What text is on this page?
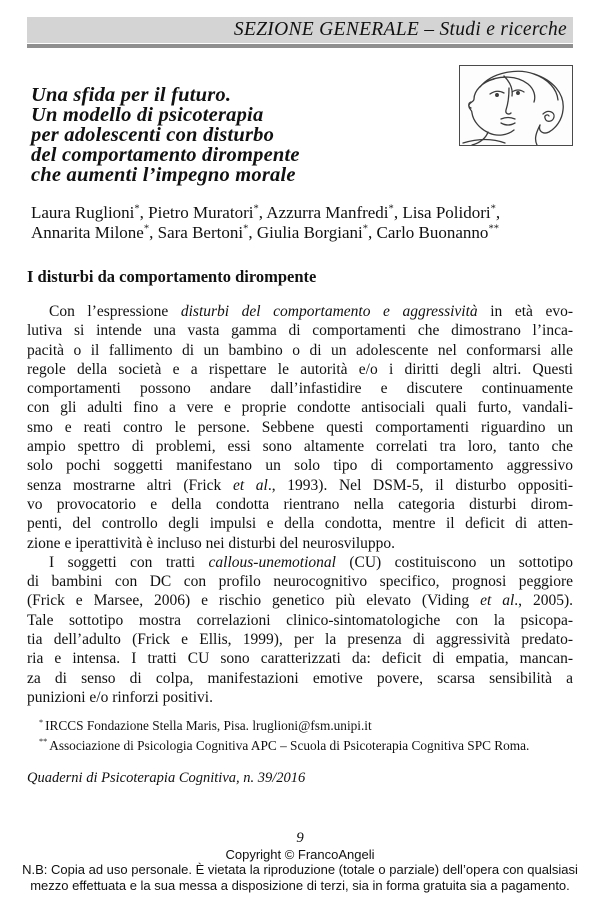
SEZIONE GENERALE – Studi e ricerche
Una sfida per il futuro.
Un modello di psicoterapia
per adolescenti con disturbo
del comportamento dirompente
che aumenti l’impegno morale
Laura Ruglioni*, Pietro Muratori*, Azzurra Manfredi*, Lisa Polidori*,
Annarita Milone*, Sara Bertoni*, Giulia Borgiani*, Carlo Buonanno**
I disturbi da comportamento dirompente
Con l’espressione disturbi del comportamento e aggressività in età evo-
lutiva si intende una vasta gamma di comportamenti che dimostrano l’inca-
pacità o il fallimento di un bambino o di un adolescente nel conformarsi alle
regole della società e a rispettare le autorità e/o i diritti degli altri. Questi
comportamenti possono andare dall’infastidire e discutere continuamente
con gli adulti fino a vere e proprie condotte antisociali quali furto, vandali-
smo e reati contro le persone. Sebbene questi comportamenti riguardino un
ampio spettro di problemi, essi sono altamente correlati tra loro, tanto che
solo pochi soggetti manifestano un solo tipo di comportamento aggressivo
senza mostrarne altri (Frick et al., 1993). Nel DSM-5, il disturbo oppositi-
vo provocatorio e della condotta rientrano nella categoria disturbi dirom-
penti, del controllo degli impulsi e della condotta, mentre il deficit di atten-
zione e iperattività è incluso nei disturbi del neurosviluppo.
I soggetti con tratti callous-unemotional (CU) costituiscono un sottotipo
di bambini con DC con profilo neurocognitivo specifico, prognosi peggiore
(Frick e Marsee, 2006) e rischio genetico più elevato (Viding et al., 2005).
Tale sottotipo mostra correlazioni clinico-sintomatologiche con la psicopa-
tia dell’adulto (Frick e Ellis, 1999), per la presenza di aggressività predato-
ria e intensa. I tratti CU sono caratterizzati da: deficit di empatia, mancan-
za di senso di colpa, manifestazioni emotive povere, scarsa sensibilità a
punizioni e/o rinforzi positivi.
* IRCCS Fondazione Stella Maris, Pisa. lruglioni@fsm.unipi.it
** Associazione di Psicologia Cognitiva APC – Scuola di Psicoterapia Cognitiva SPC Roma.
Quaderni di Psicoterapia Cognitiva, n. 39/2016
9
Copyright © FrancoAngeli
N.B: Copia ad uso personale. È vietata la riproduzione (totale o parziale) dell’opera con qualsiasi mezzo effettuata e la sua messa a disposizione di terzi, sia in forma gratuita sia a pagamento.
